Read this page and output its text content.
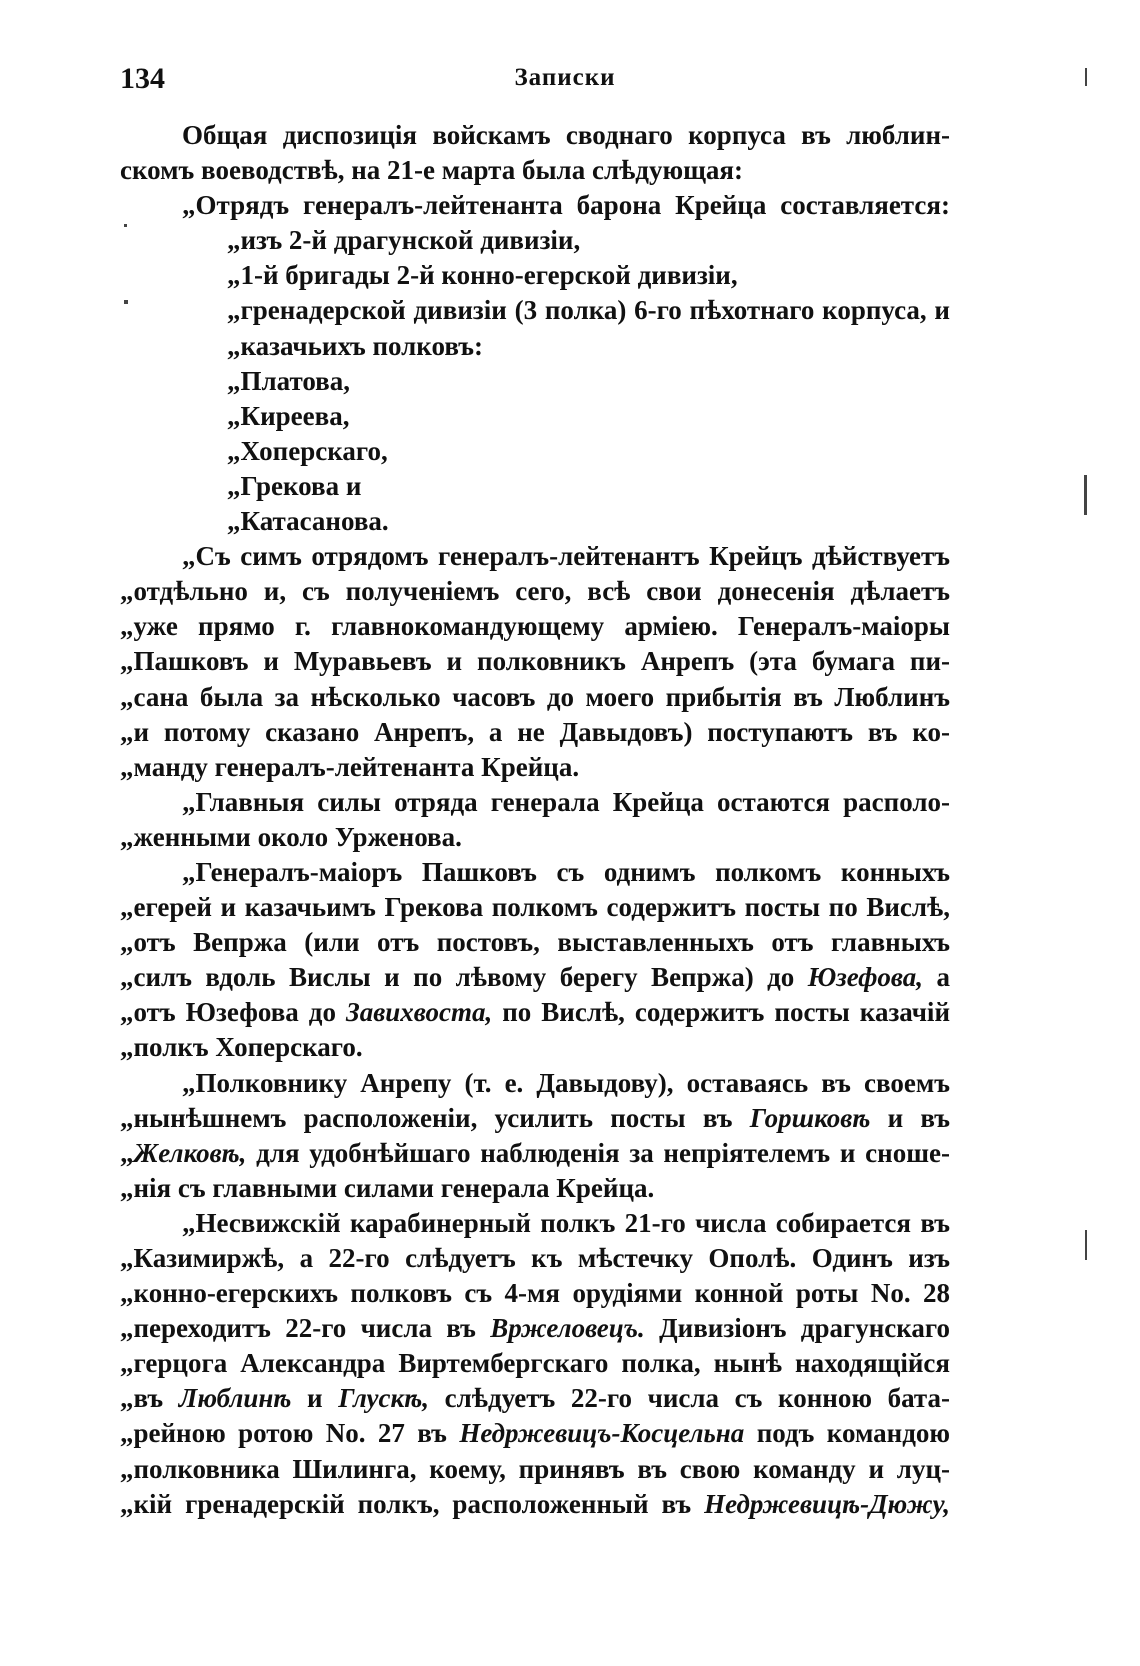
134	Записки
Общая диспозиція войскамъ своднаго корпуса въ люблин-
скомъ воеводствѣ, на 21-е марта была слѣдующая:
„Отрядъ генералъ-лейтенанта барона Крейца составляется:
„изъ 2-й драгунской дивизіи,
„1-й бригады 2-й конно-егерской дивизіи,
„гренадерской дивизіи (3 полка) 6-го пѣхотнаго корпуса, и
„казачьихъ полковъ:
„Платова,
„Киреева,
„Хоперскаго,
„Грекова и
„Катасанова.
„Съ симъ отрядомъ генералъ-лейтенантъ Крейцъ дѣйствуетъ
„отдѣльно и, съ полученіемъ сего, всѣ свои донесенія дѣлаетъ
„уже прямо г. главнокомандующему арміею. Генералъ-маіоры
„Пашковъ и Муравьевъ и полковникъ Анрепъ (эта бумага пи-
„сана была за нѣсколько часовъ до моего прибытія въ Люблинъ
„и потому сказано Анрепъ, а не Давыдовъ) поступаютъ въ ко-
„манду генералъ-лейтенанта Крейца.
„Главныя силы отряда генерала Крейца остаются располо-
„женными около Урженова.
„Генералъ-маіоръ Пашковъ съ однимъ полкомъ конныхъ
„егерей и казачьимъ Грекова полкомъ содержитъ посты по Вислѣ,
„отъ Вепржа (или отъ постовъ, выставленныхъ отъ главныхъ
„силъ вдоль Вислы и по лѣвому берегу Вепржа) до Юзефова, а
„отъ Юзефова до Завихвоста, по Вислѣ, содержитъ посты казачій
„полкъ Хоперскаго.
„Полковнику Анрепу (т. е. Давыдову), оставаясь въ своемъ
„нынѣшнемъ расположеніи, усилить посты въ Горшковѣ и въ
„Желковѣ, для удобнѣйшаго наблюденія за непріятелемъ и сноше-
„нія съ главными силами генерала Крейца.
„Несвижскій карабинерный полкъ 21-го числа собирается въ
„Казимиржѣ, а 22-го слѣдуетъ къ мѣстечку Ополѣ. Одинъ изъ
„конно-егерскихъ полковъ съ 4-мя орудіями конной роты No. 28
„переходитъ 22-го числа въ Вржеловецъ. Дивизіонъ драгунскаго
„герцога Александра Виртембергскаго полка, нынѣ находящійся
„въ Люблинѣ и Глускѣ, слѣдуетъ 22-го числа съ конною бата-
„рейною ротою No. 27 въ Недржевицъ-Косцельна подъ командою
„полковника Шилинга, коему, принявъ въ свою команду и луц-
„кій гренадерскій полкъ, расположенный въ Недржевицѣ-Дюжу,
